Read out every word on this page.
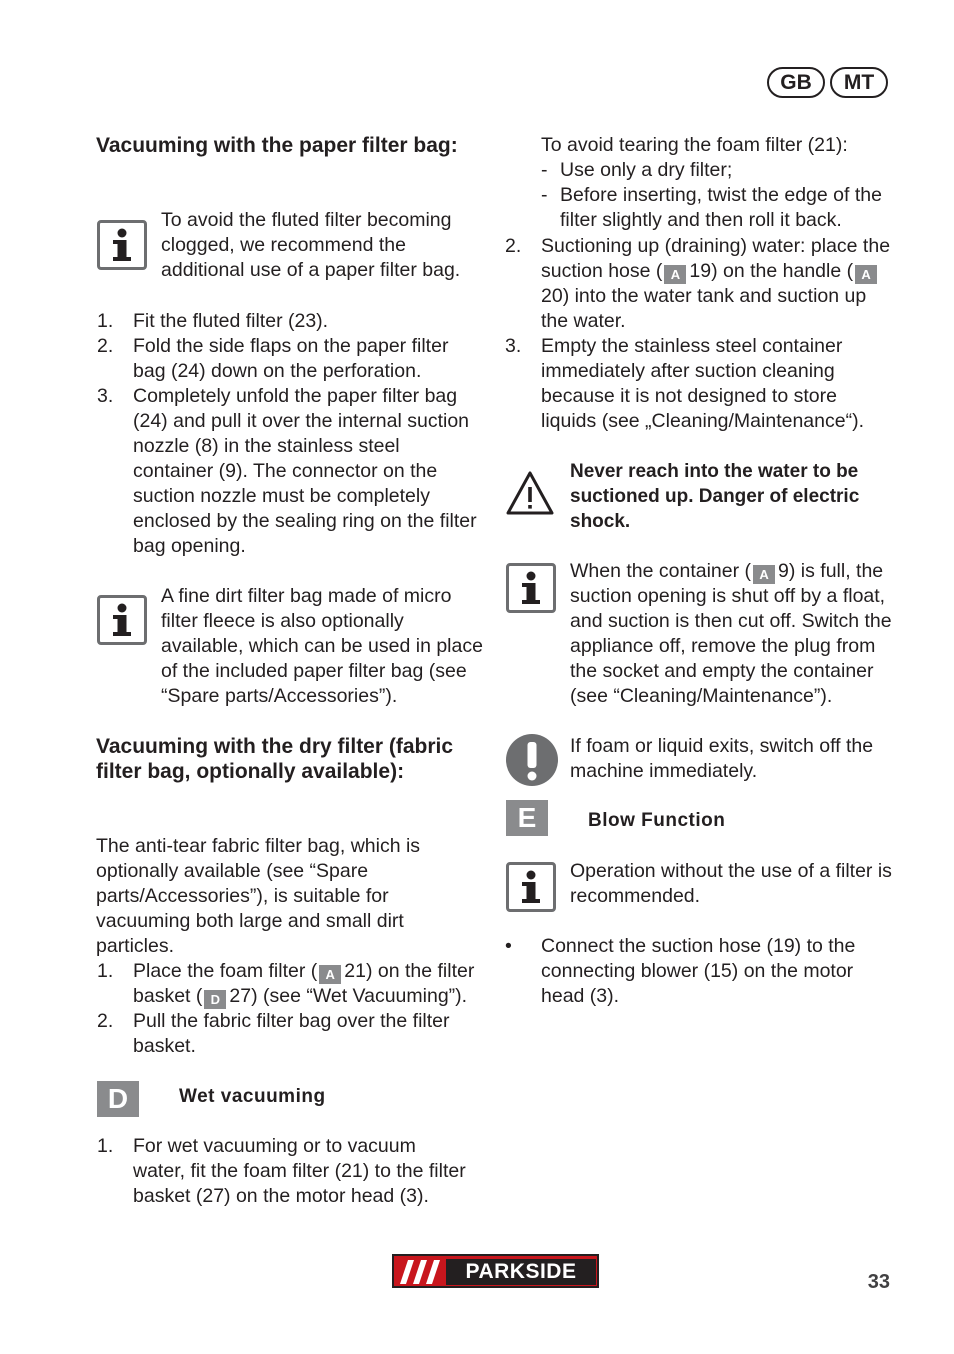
GB	MT
Vacuuming with the paper filter bag:
To avoid the fluted filter becoming clogged, we recommend the additional use of a paper filter bag.
1. Fit the fluted filter (23).
2. Fold the side flaps on the paper filter bag (24) down on the perforation.
3. Completely unfold the paper filter bag (24) and pull it over the internal suction nozzle (8) in the stainless steel container (9). The connector on the suction nozzle must be completely enclosed by the sealing ring on the filter bag opening.
A fine dirt filter bag made of micro filter fleece is also optionally available, which can be used in place of the included paper filter bag (see “Spare parts/Accessories”).
Vacuuming with the dry filter (fabric filter bag, optionally available):
The anti-tear fabric filter bag, which is optionally available (see “Spare parts/Accessories”), is suitable for vacuuming both large and small dirt particles.
1. Place the foam filter ( A 21) on the filter basket ( D 27) (see “Wet Vacuuming”).
2. Pull the fabric filter bag over the filter basket.
D	Wet vacuuming
1. For wet vacuuming or to vacuum water, fit the foam filter (21) to the filter basket (27) on the motor head (3).
To avoid tearing the foam filter (21):
- Use only a dry filter;
- Before inserting, twist the edge of the filter slightly and then roll it back.
2. Suctioning up (draining) water: place the suction hose ( A 19) on the handle ( A20) into the water tank and suction up the water.
3. Empty the stainless steel container immediately after suction cleaning because it is not designed to store liquids (see „Cleaning/Maintenance“).
Never reach into the water to be suctioned up. Danger of electric shock.
When the container ( A 9) is full, the suction opening is shut off by a float, and suction is then cut off. Switch the appliance off, remove the plug from the socket and empty the container (see “Cleaning/Maintenance”).
If foam or liquid exits, switch off the machine immediately.
E	Blow Function
Operation without the use of a filter is recommended.
• Connect the suction hose (19) to the connecting blower (15) on the motor head (3).
PARKSIDE	33
